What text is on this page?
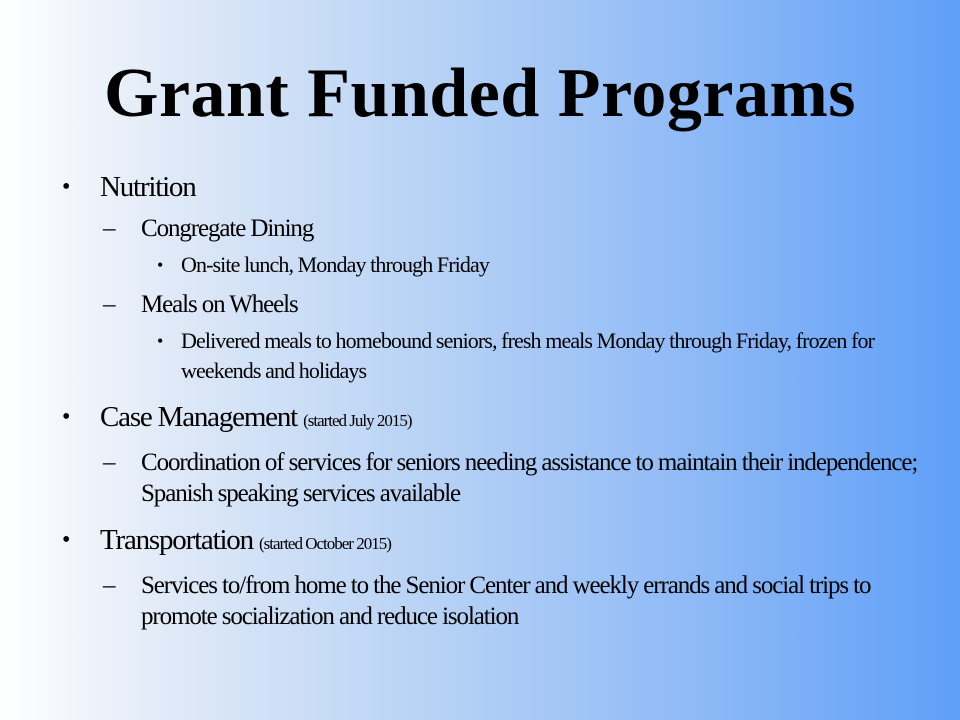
Grant Funded Programs
• Nutrition
– Congregate Dining
• On-site lunch, Monday through Friday
– Meals on Wheels
• Delivered meals to homebound seniors, fresh meals Monday through Friday, frozen for weekends and holidays
• Case Management (started July 2015)
– Coordination of services for seniors needing assistance to maintain their independence; Spanish speaking services available
• Transportation (started October 2015)
– Services to/from home to the Senior Center and weekly errands and social trips to promote socialization and reduce isolation
